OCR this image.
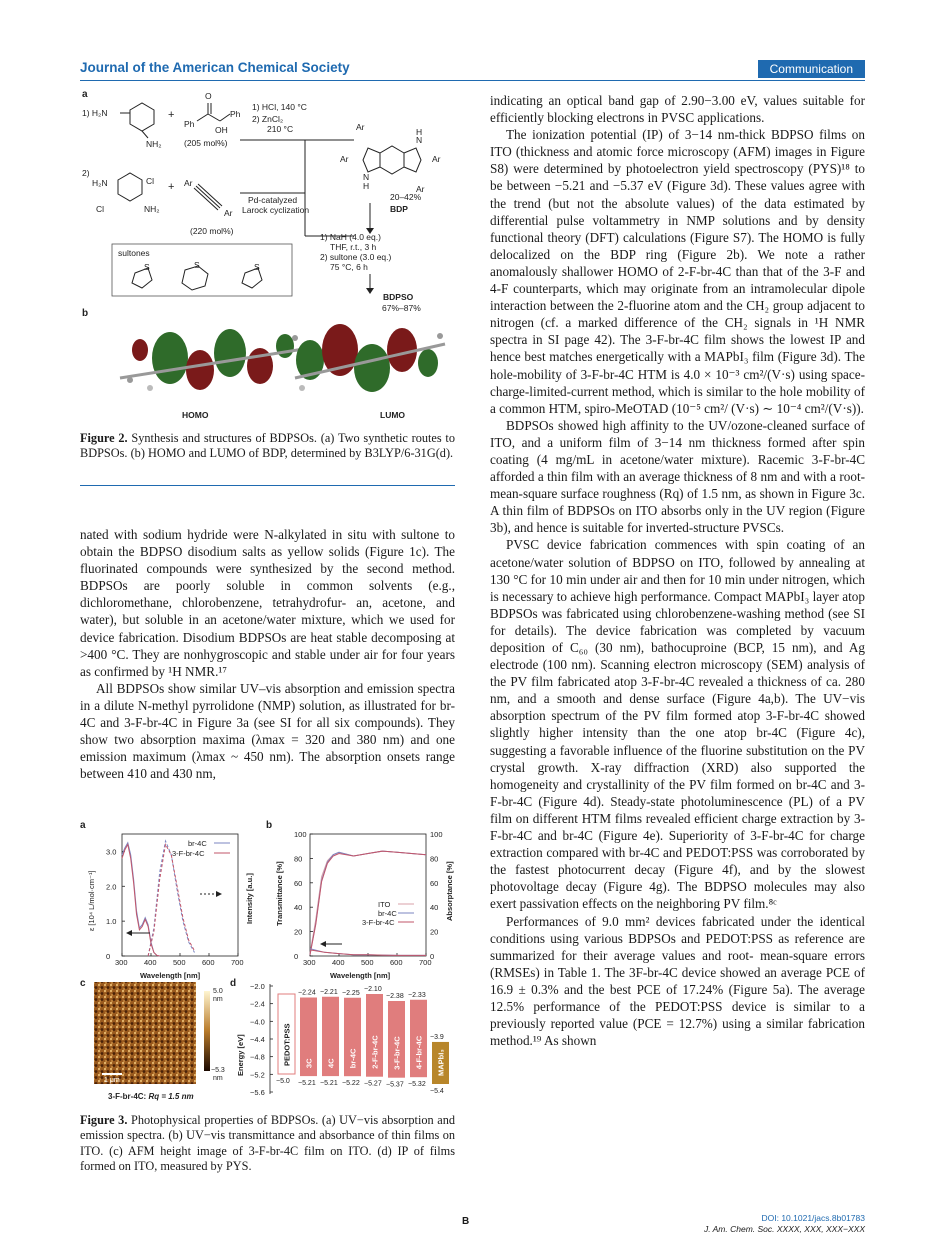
Journal of the American Chemical Society	Communication
a
1) H₂N
NH₂
+
Ph
O
Ph
OH
(205 mol%)
1) HCl, 140 °C
2) ZnCl₂
210 °C
2)
H₂N	Cl
Cl	NH₂
+ Ar
Ar
(220 mol%)
Pd-catalyzed
Larock cyclization
Ar
Ar	Ar
Ar
N
H
N
H
20–42%
BDP
sultones
S	S	S
1) NaH (4.0 eq.)
THF, r.t., 3 h
2) sultone (3.0 eq.)
75 °C, 6 h
BDPSO
67%–87%
b
HOMO	LUMO
Figure 2. Synthesis and structures of BDPSOs. (a) Two synthetic routes to BDPSOs. (b) HOMO and LUMO of BDP, determined by B3LYP/6-31G(d).

nated with sodium hydride were N-alkylated in situ with sultone to obtain the BDPSO disodium salts as yellow solids (Figure 1c). The fluorinated compounds were synthesized by the second method. BDPSOs are poorly soluble in common solvents (e.g., dichloromethane, chlorobenzene, tetrahydrofur- an, acetone, and water), but soluble in an acetone/water mixture, which we used for device fabrication. Disodium BDPSOs are heat stable decomposing at >400 °C. They are nonhygroscopic and stable under air for four years as confirmed by ¹H NMR.¹⁷

All BDPSOs show similar UV–vis absorption and emission spectra in a dilute N-methyl pyrrolidone (NMP) solution, as illustrated for br-4C and 3-F-br-4C in Figure 3a (see SI for all six compounds). They show two absorption maxima (λmax = 320 and 380 nm) and one emission maximum (λmax ~ 450 nm). The absorption onsets range between 410 and 430 nm,

a	b
c	d
ε [10⁴ L/mol·cm⁻¹]	Intensity [a.u.]
Wavelength [nm]
300 400 500 600 700
0
1.0
2.0
3.0
br-4C
3-F-br-4C
Transmittance [%]	Absorptance [%]
Wavelength [nm]
300 400 500 600 700
0	0
20	20
40	40
60	60
80	80
100	100
ITO
br-4C
3-F-br-4C
1 μm
5.0
nm
−5.3
nm
3-F-br-4C: Rq = 1.5 nm
Energy [eV]
−2.0
−2.4
−4.0
−4.4
−4.8
−5.2
−5.6
PEDOT:PSS
−5.0
3C
−2.24
−5.21
4C
−2.21
−5.21
br-4C
−2.25
−5.22
2-F-br-4C
−2.10
−5.27
3-F-br-4C
−2.38
−5.37
4-F-br-4C
−2.33
−5.32
MAPbI₃
−3.9
−5.4
Figure 3. Photophysical properties of BDPSOs. (a) UV−vis absorption and emission spectra. (b) UV−vis transmittance and absorbance of thin films on ITO. (c) AFM height image of 3-F-br-4C film on ITO. (d) IP of films formed on ITO, measured by PYS.

indicating an optical band gap of 2.90−3.00 eV, values suitable for efficiently blocking electrons in PVSC applications.

The ionization potential (IP) of 3−14 nm-thick BDPSO films on ITO (thickness and atomic force microscopy (AFM) images in Figure S8) were determined by photoelectron yield spectroscopy (PYS)¹⁸ to be between −5.21 and −5.37 eV (Figure 3d). These values agree with the trend (but not the absolute values) of the data estimated by differential pulse voltammetry in NMP solutions and by density functional theory (DFT) calculations (Figure S7). The HOMO is fully delocalized on the BDP ring (Figure 2b). We note a rather anomalously shallower HOMO of 2-F-br-4C than that of the 3-F and 4-F counterparts, which may originate from an intramolecular dipole interaction between the 2-fluorine atom and the CH₂ group adjacent to nitrogen (cf. a marked difference of the CH₂ signals in ¹H NMR spectra in SI page 42). The 3-F-br-4C film shows the lowest IP and hence best matches energetically with a MAPbI₃ film (Figure 3d). The hole-mobility of 3-F-br-4C HTM is 4.0 × 10⁻³ cm²/(V·s) using space-charge-limited-current method, which is similar to the hole mobility of a common HTM, spiro-MeOTAD (10⁻⁵ cm²/ (V·s) ∼ 10⁻⁴ cm²/(V·s)).

BDPSOs showed high affinity to the UV/ozone-cleaned surface of ITO, and a uniform film of 3−14 nm thickness formed after spin coating (4 mg/mL in acetone/water mixture). Racemic 3-F-br-4C afforded a thin film with an average thickness of 8 nm and with a root-mean-square surface roughness (Rq) of 1.5 nm, as shown in Figure 3c. A thin film of BDPSOs on ITO absorbs only in the UV region (Figure 3b), and hence is suitable for inverted-structure PVSCs.

PVSC device fabrication commences with spin coating of an acetone/water solution of BDPSO on ITO, followed by annealing at 130 °C for 10 min under air and then for 10 min under nitrogen, which is necessary to achieve high performance. Compact MAPbI₃ layer atop BDPSOs was fabricated using chlorobenzene-washing method (see SI for details). The device fabrication was completed by vacuum deposition of C₆₀ (30 nm), bathocuproine (BCP, 15 nm), and Ag electrode (100 nm). Scanning electron microscopy (SEM) analysis of the PV film fabricated atop 3-F-br-4C revealed a thickness of ca. 280 nm, and a smooth and dense surface (Figure 4a,b). The UV−vis absorption spectrum of the PV film formed atop 3-F-br-4C showed slightly higher intensity than the one atop br-4C (Figure 4c), suggesting a favorable influence of the fluorine substitution on the PV crystal growth. X-ray diffraction (XRD) also supported the homogeneity and crystallinity of the PV film formed on br-4C and 3-F-br-4C (Figure 4d). Steady-state photoluminescence (PL) of a PV film on different HTM films revealed efficient charge extraction by 3-F-br-4C and br-4C (Figure 4e). Superiority of 3-F-br-4C for charge extraction compared with br-4C and PEDOT:PSS was corroborated by the fastest photocurrent decay (Figure 4f), and by the slowest photovoltage decay (Figure 4g). The BDPSO molecules may also exert passivation effects on the neighboring PV film.⁸ᶜ

Performances of 9.0 mm² devices fabricated under the identical conditions using various BDPSOs and PEDOT:PSS as reference are summarized for their average values and root- mean-square errors (RMSEs) in Table 1. The 3F-br-4C device showed an average PCE of 16.9 ± 0.3% and the best PCE of 17.24% (Figure 5a). The average 12.5% performance of the PEDOT:PSS device is similar to a previously reported value (PCE = 12.7%) using a similar fabrication method.¹⁹ As shown

B	DOI: 10.1021/jacs.8b01783
J. Am. Chem. Soc. XXXX, XXX, XXX−XXX
